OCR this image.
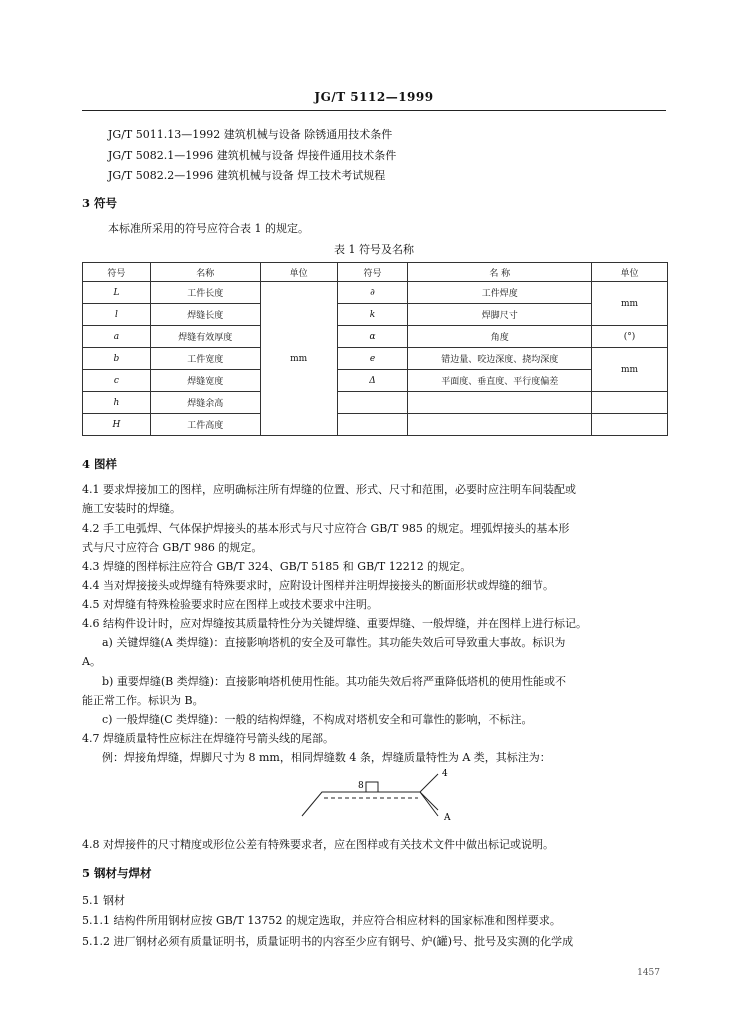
JG/T 5112—1999
JG/T 5011.13—1992 建筑机械与设备 除锈通用技术条件
JG/T 5082.1—1996 建筑机械与设备 焊接件通用技术条件
JG/T 5082.2—1996 建筑机械与设备 焊工技术考试规程
3 符号
本标准所采用的符号应符合表 1 的规定。
表 1 符号及名称
符号	名称	单位	符号	名 称	单位
L	工件长度	mm	∂	工件焊度	mm
l	焊缝长度		k	焊脚尺寸	
a	焊缝有效厚度		α	角度	(°)
b	工件宽度		e	错边量、咬边深度、挠均深度	mm
c	焊缝宽度		Δ	平面度、垂直度、平行度偏差	
h	焊缝余高				
H	工件高度				
4 图样
4.1 要求焊接加工的图样，应明确标注所有焊缝的位置、形式、尺寸和范围，必要时应注明车间装配或
施工安装时的焊缝。
4.2 手工电弧焊、气体保护焊接头的基本形式与尺寸应符合 GB/T 985 的规定。埋弧焊接头的基本形
式与尺寸应符合 GB/T 986 的规定。
4.3 焊缝的图样标注应符合 GB/T 324、GB/T 5185 和 GB/T 12212 的规定。
4.4 当对焊接接头或焊缝有特殊要求时，应附设计图样并注明焊接接头的断面形状或焊缝的细节。
4.5 对焊缝有特殊检验要求时应在图样上或技术要求中注明。
4.6 结构件设计时，应对焊缝按其质量特性分为关键焊缝、重要焊缝、一般焊缝，并在图样上进行标记。
a) 关键焊缝(A 类焊缝)：直接影响塔机的安全及可靠性。其功能失效后可导致重大事故。标识为
A。
b) 重要焊缝(B 类焊缝)：直接影响塔机使用性能。其功能失效后将严重降低塔机的使用性能或不
能正常工作。标识为 B。
c) 一般焊缝(C 类焊缝)：一般的结构焊缝，不构成对塔机安全和可靠性的影响，不标注。
4.7 焊缝质量特性应标注在焊缝符号箭头线的尾部。
例：焊接角焊缝，焊脚尺寸为 8 mm，相同焊缝数 4 条，焊缝质量特性为 A 类，其标注为：
8
4
A
4.8 对焊接件的尺寸精度或形位公差有特殊要求者，应在图样或有关技术文件中做出标记或说明。
5 钢材与焊材
5.1 钢材
5.1.1 结构件所用钢材应按 GB/T 13752 的规定选取，并应符合相应材料的国家标准和图样要求。
5.1.2 进厂钢材必须有质量证明书，质量证明书的内容至少应有钢号、炉(罐)号、批号及实测的化学成
1457
